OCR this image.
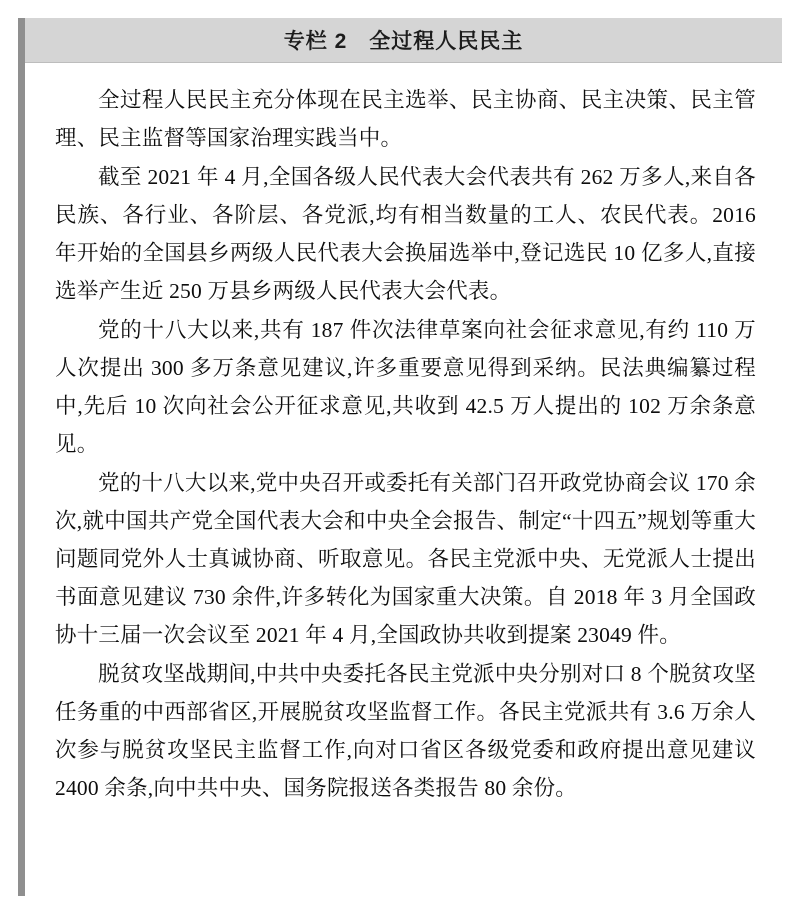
专栏 2　全过程人民民主

全过程人民民主充分体现在民主选举、民主协商、民主决策、民主管理、民主监督等国家治理实践当中。

截至 2021 年 4 月,全国各级人民代表大会代表共有 262 万多人,来自各民族、各行业、各阶层、各党派,均有相当数量的工人、农民代表。2016 年开始的全国县乡两级人民代表大会换届选举中,登记选民 10 亿多人,直接选举产生近 250 万县乡两级人民代表大会代表。

党的十八大以来,共有 187 件次法律草案向社会征求意见,有约 110 万人次提出 300 多万条意见建议,许多重要意见得到采纳。民法典编纂过程中,先后 10 次向社会公开征求意见,共收到 42.5 万人提出的 102 万余条意见。

党的十八大以来,党中央召开或委托有关部门召开政党协商会议 170 余次,就中国共产党全国代表大会和中央全会报告、制定“十四五”规划等重大问题同党外人士真诚协商、听取意见。各民主党派中央、无党派人士提出书面意见建议 730 余件,许多转化为国家重大决策。自 2018 年 3 月全国政协十三届一次会议至 2021 年 4 月,全国政协共收到提案 23049 件。

脱贫攻坚战期间,中共中央委托各民主党派中央分别对口 8 个脱贫攻坚任务重的中西部省区,开展脱贫攻坚监督工作。各民主党派共有 3.6 万余人次参与脱贫攻坚民主监督工作,向对口省区各级党委和政府提出意见建议 2400 余条,向中共中央、国务院报送各类报告 80 余份。
